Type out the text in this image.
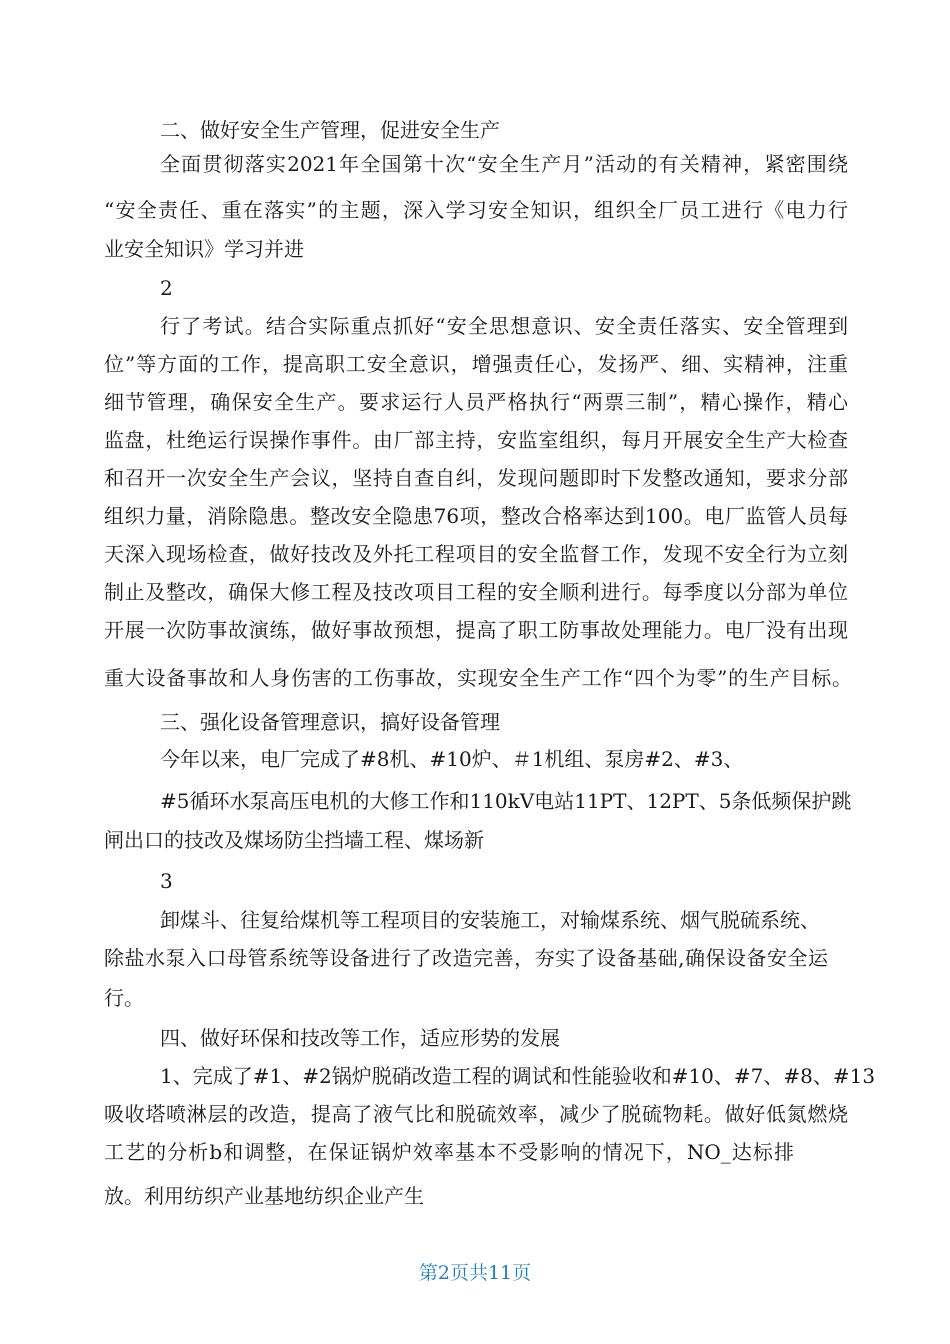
二、做好安全生产管理，促进安全生产
全面贯彻落实2021年全国第十次“安全生产月”活动的有关精神，紧密围绕
“安全责任、重在落实”的主题，深入学习安全知识，组织全厂员工进行《电力行
业安全知识》学习并进
2
行了考试。结合实际重点抓好“安全思想意识、安全责任落实、安全管理到
位”等方面的工作，提高职工安全意识，增强责任心，发扬严、细、实精神，注重
细节管理，确保安全生产。要求运行人员严格执行“两票三制”，精心操作，精心
监盘，杜绝运行误操作事件。由厂部主持，安监室组织，每月开展安全生产大检查
和召开一次安全生产会议，坚持自查自纠，发现问题即时下发整改通知，要求分部
组织力量，消除隐患。整改安全隐患76项，整改合格率达到100。电厂监管人员每
天深入现场检查，做好技改及外托工程项目的安全监督工作，发现不安全行为立刻
制止及整改，确保大修工程及技改项目工程的安全顺利进行。每季度以分部为单位
开展一次防事故演练，做好事故预想，提高了职工防事故处理能力。电厂没有出现
重大设备事故和人身伤害的工伤事故，实现安全生产工作“四个为零”的生产目标。
三、强化设备管理意识，搞好设备管理
今年以来，电厂完成了#8机、#10炉、＃1机组、泵房#2、#3、
#5循环水泵高压电机的大修工作和110kV电站11PT、12PT、5条低频保护跳
闸出口的技改及煤场防尘挡墙工程、煤场新
3
卸煤斗、往复给煤机等工程项目的安装施工，对输煤系统、烟气脱硫系统、
除盐水泵入口母管系统等设备进行了改造完善，夯实了设备基础,确保设备安全运
行。
四、做好环保和技改等工作，适应形势的发展
1、完成了#1、#2锅炉脱硝改造工程的调试和性能验收和#10、#7、#8、#13
吸收塔喷淋层的改造，提高了液气比和脱硫效率，减少了脱硫物耗。做好低氮燃烧
工艺的分析b和调整，在保证锅炉效率基本不受影响的情况下，NO_达标排
放。利用纺织产业基地纺织企业产生
第2页共11页
